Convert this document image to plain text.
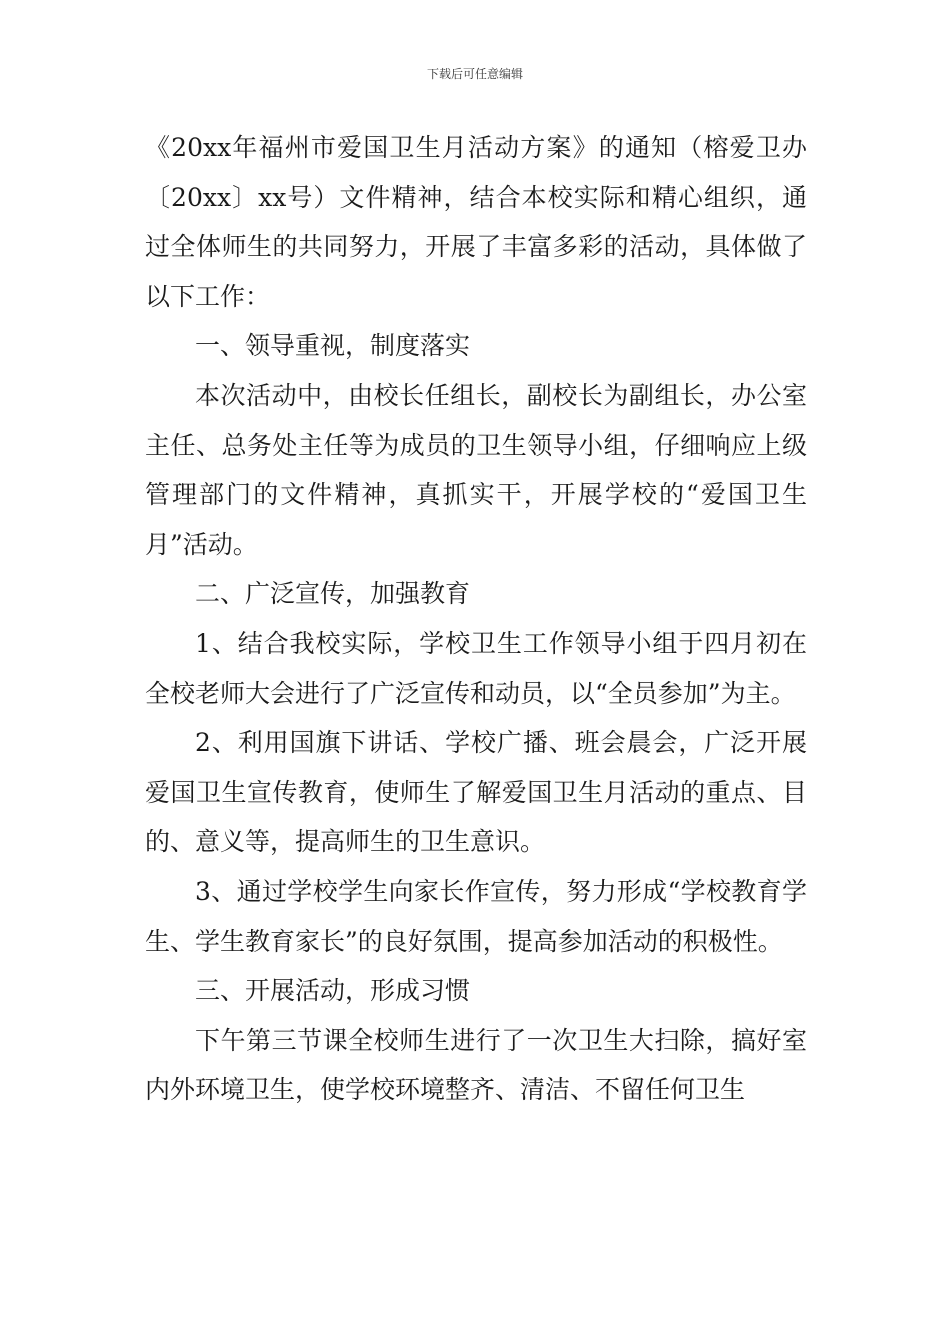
下载后可任意编辑

《20xx年福州市爱国卫生月活动方案》的通知（榕爱卫办〔20xx〕xx号）文件精神，结合本校实际和精心组织，通过全体师生的共同努力，开展了丰富多彩的活动，具体做了以下工作：

一、领导重视，制度落实

本次活动中，由校长任组长，副校长为副组长，办公室主任、总务处主任等为成员的卫生领导小组，仔细响应上级管理部门的文件精神，真抓实干，开展学校的“爱国卫生月”活动。

二、广泛宣传，加强教育

1、结合我校实际，学校卫生工作领导小组于四月初在全校老师大会进行了广泛宣传和动员，以“全员参加”为主。

2、利用国旗下讲话、学校广播、班会晨会，广泛开展爱国卫生宣传教育，使师生了解爱国卫生月活动的重点、目的、意义等，提高师生的卫生意识。

3、通过学校学生向家长作宣传，努力形成“学校教育学生、学生教育家长”的良好氛围，提高参加活动的积极性。

三、开展活动，形成习惯

下午第三节课全校师生进行了一次卫生大扫除，搞好室内外环境卫生，使学校环境整齐、清洁、不留任何卫生
